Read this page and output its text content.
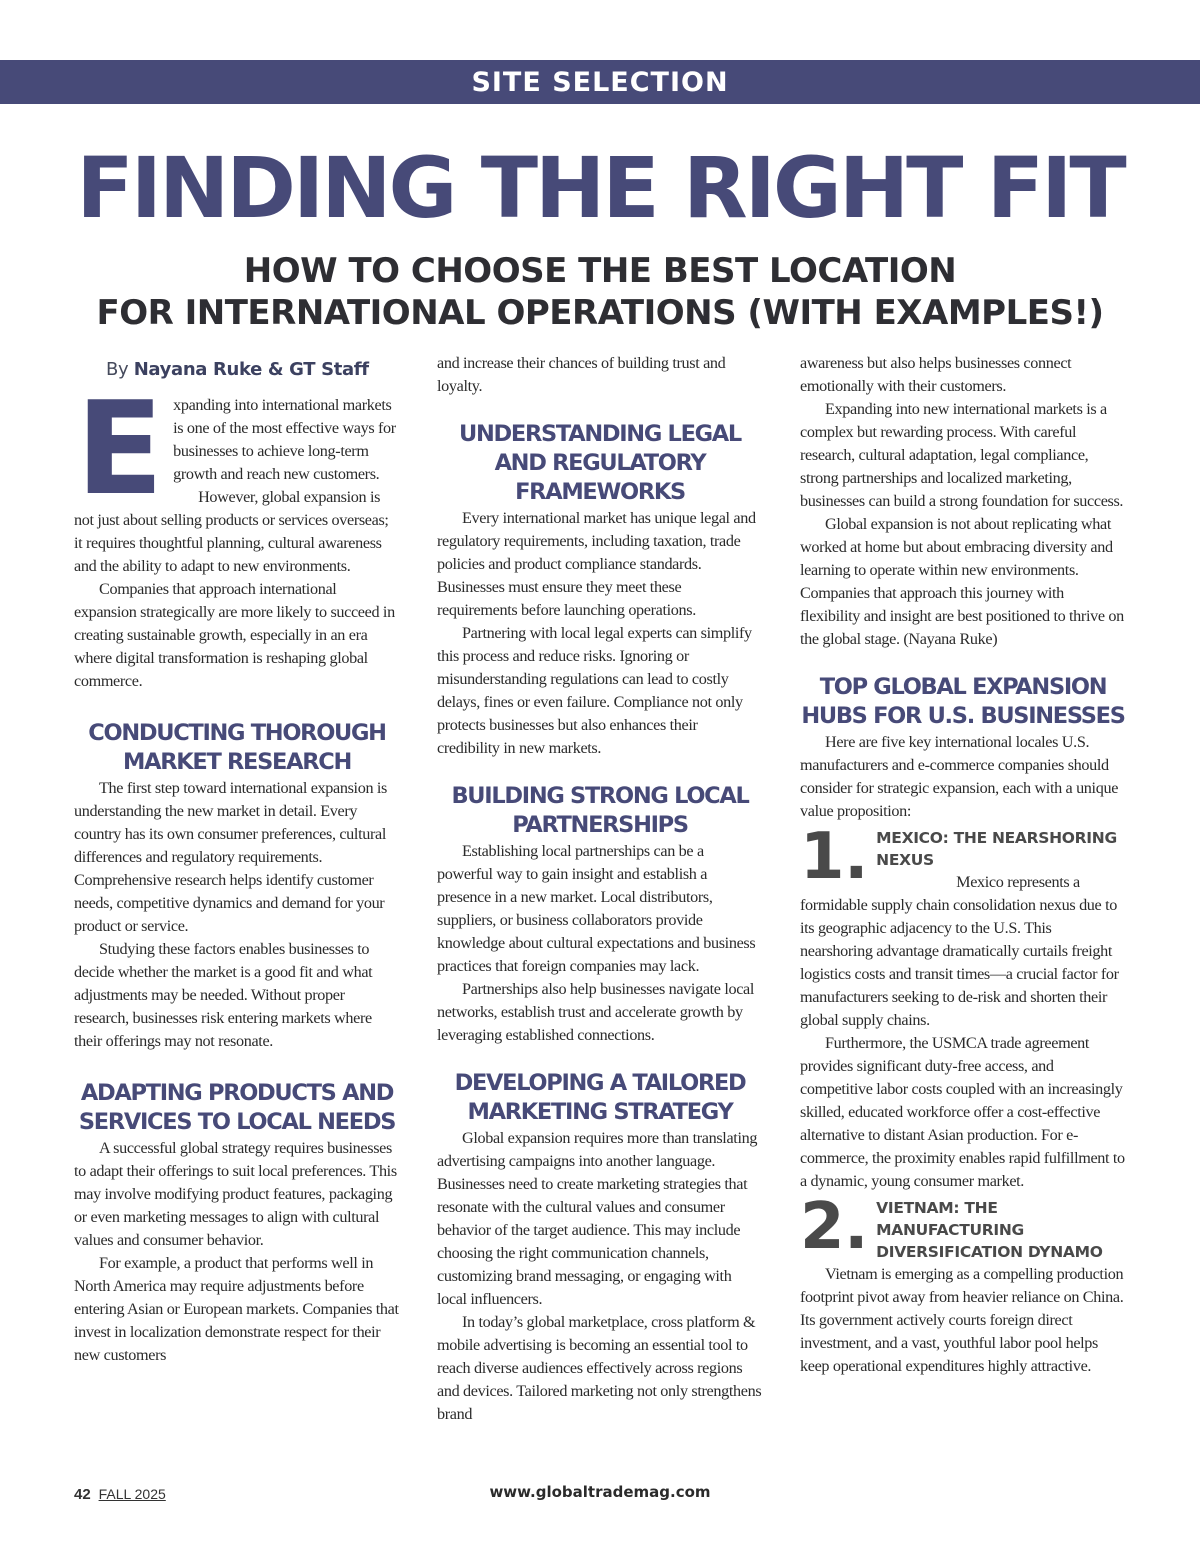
SITE SELECTION
FINDING THE RIGHT FIT
HOW TO CHOOSE THE BEST LOCATION
FOR INTERNATIONAL OPERATIONS (WITH EXAMPLES!)
By Nayana Ruke & GT Staff
E xpanding into international markets is one of the most effective ways for businesses to achieve long-term growth and reach new customers.

However, global expansion is not just about selling products or services overseas; it requires thoughtful planning, cultural awareness and the ability to adapt to new environments.

Companies that approach international expansion strategically are more likely to succeed in creating sustainable growth, especially in an era where digital transformation is reshaping global commerce.

CONDUCTING THOROUGH MARKET RESEARCH

The first step toward international expansion is understanding the new market in detail. Every country has its own consumer preferences, cultural differences and regulatory requirements. Comprehensive research helps identify customer needs, competitive dynamics and demand for your product or service.

Studying these factors enables businesses to decide whether the market is a good fit and what adjustments may be needed. Without proper research, businesses risk entering markets where their offerings may not resonate.

ADAPTING PRODUCTS AND SERVICES TO LOCAL NEEDS

A successful global strategy requires businesses to adapt their offerings to suit local preferences. This may involve modifying product features, packaging or even marketing messages to align with cultural values and consumer behavior.

For example, a product that performs well in North America may require adjustments before entering Asian or European markets. Companies that invest in localization demonstrate respect for their new customers

and increase their chances of building trust and loyalty.

UNDERSTANDING LEGAL AND REGULATORY FRAMEWORKS

Every international market has unique legal and regulatory requirements, including taxation, trade policies and product compliance standards. Businesses must ensure they meet these requirements before launching operations.

Partnering with local legal experts can simplify this process and reduce risks. Ignoring or misunderstanding regulations can lead to costly delays, fines or even failure. Compliance not only protects businesses but also enhances their credibility in new markets.

BUILDING STRONG LOCAL PARTNERSHIPS

Establishing local partnerships can be a powerful way to gain insight and establish a presence in a new market. Local distributors, suppliers, or business collaborators provide knowledge about cultural expectations and business practices that foreign companies may lack.

Partnerships also help businesses navigate local networks, establish trust and accelerate growth by leveraging established connections.

DEVELOPING A TAILORED MARKETING STRATEGY

Global expansion requires more than translating advertising campaigns into another language. Businesses need to create marketing strategies that resonate with the cultural values and consumer behavior of the target audience. This may include choosing the right communication channels, customizing brand messaging, or engaging with local influencers.

In today’s global marketplace, cross platform & mobile advertising is becoming an essential tool to reach diverse audiences effectively across regions and devices. Tailored marketing not only strengthens brand

awareness but also helps businesses connect emotionally with their customers.

Expanding into new international markets is a complex but rewarding process. With careful research, cultural adaptation, legal compliance, strong partnerships and localized marketing, businesses can build a strong foundation for success.

Global expansion is not about replicating what worked at home but about embracing diversity and learning to operate within new environments. Companies that approach this journey with flexibility and insight are best positioned to thrive on the global stage. (Nayana Ruke)

TOP GLOBAL EXPANSION HUBS FOR U.S. BUSINESSES

Here are five key international locales U.S. manufacturers and e-commerce companies should consider for strategic expansion, each with a unique value proposition:

1. MEXICO: THE NEARSHORING NEXUS

Mexico represents a formidable supply chain consolidation nexus due to its geographic adjacency to the U.S. This nearshoring advantage dramatically curtails freight logistics costs and transit times—a crucial factor for manufacturers seeking to de-risk and shorten their global supply chains.

Furthermore, the USMCA trade agreement provides significant duty-free access, and competitive labor costs coupled with an increasingly skilled, educated workforce offer a cost-effective alternative to distant Asian production. For e-commerce, the proximity enables rapid fulfillment to a dynamic, young consumer market.

2. VIETNAM: THE MANUFACTURING DIVERSIFICATION DYNAMO

Vietnam is emerging as a compelling production footprint pivot away from heavier reliance on China. Its government actively courts foreign direct investment, and a vast, youthful labor pool helps keep operational expenditures highly attractive.

42 FALL 2025	www.globaltrademag.com
